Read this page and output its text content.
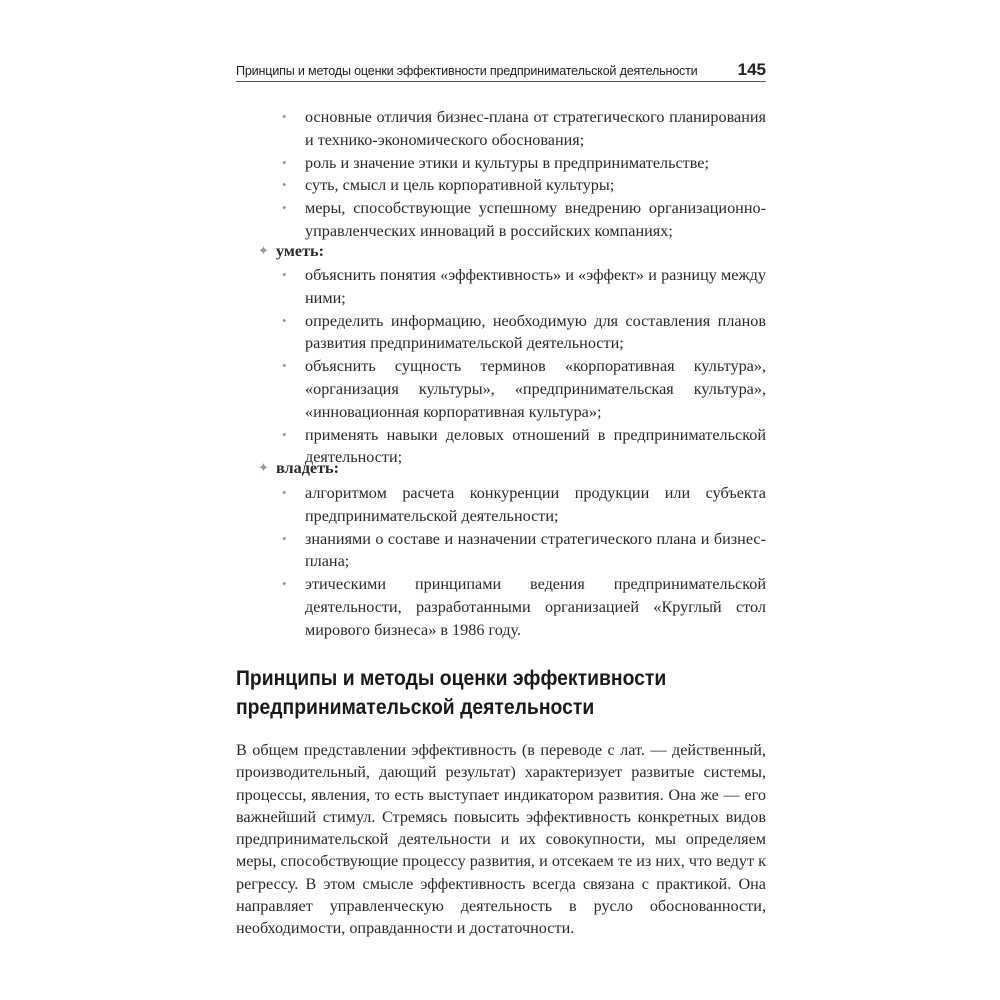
Принципы и методы оценки эффективности предпринимательской деятельности 145
• основные отличия бизнес-плана от стратегического планирования и технико-экономического обоснования;
• роль и значение этики и культуры в предпринимательстве;
• суть, смысл и цель корпоративной культуры;
• меры, способствующие успешному внедрению организационно-управленческих инноваций в российских компаниях;
✦ уметь:
• объяснить понятия «эффективность» и «эффект» и разницу между ними;
• определить информацию, необходимую для составления планов развития предпринимательской деятельности;
• объяснить сущность терминов «корпоративная культура», «организация культуры», «предпринимательская культура», «инновационная корпоративная культура»;
• применять навыки деловых отношений в предпринимательской деятельности;
✦ владеть:
• алгоритмом расчета конкуренции продукции или субъекта предпринимательской деятельности;
• знаниями о составе и назначении стратегического плана и бизнес-плана;
• этическими принципами ведения предпринимательской деятельности, разработанными организацией «Круглый стол мирового бизнеса» в 1986 году.
Принципы и методы оценки эффективности
предпринимательской деятельности

В общем представлении эффективность (в переводе с лат. — действенный, производительный, дающий результат) характеризует развитые системы, процессы, явления, то есть выступает индикатором развития. Она же — его важнейший стимул. Стремясь повысить эффективность конкретных видов предпринимательской деятельности и их совокупности, мы определяем меры, способствующие процессу развития, и отсекаем те из них, что ведут к регрессу. В этом смысле эффективность всегда связана с практикой. Она направляет управленческую деятельность в русло обоснованности, необходимости, оправданности и достаточности.
